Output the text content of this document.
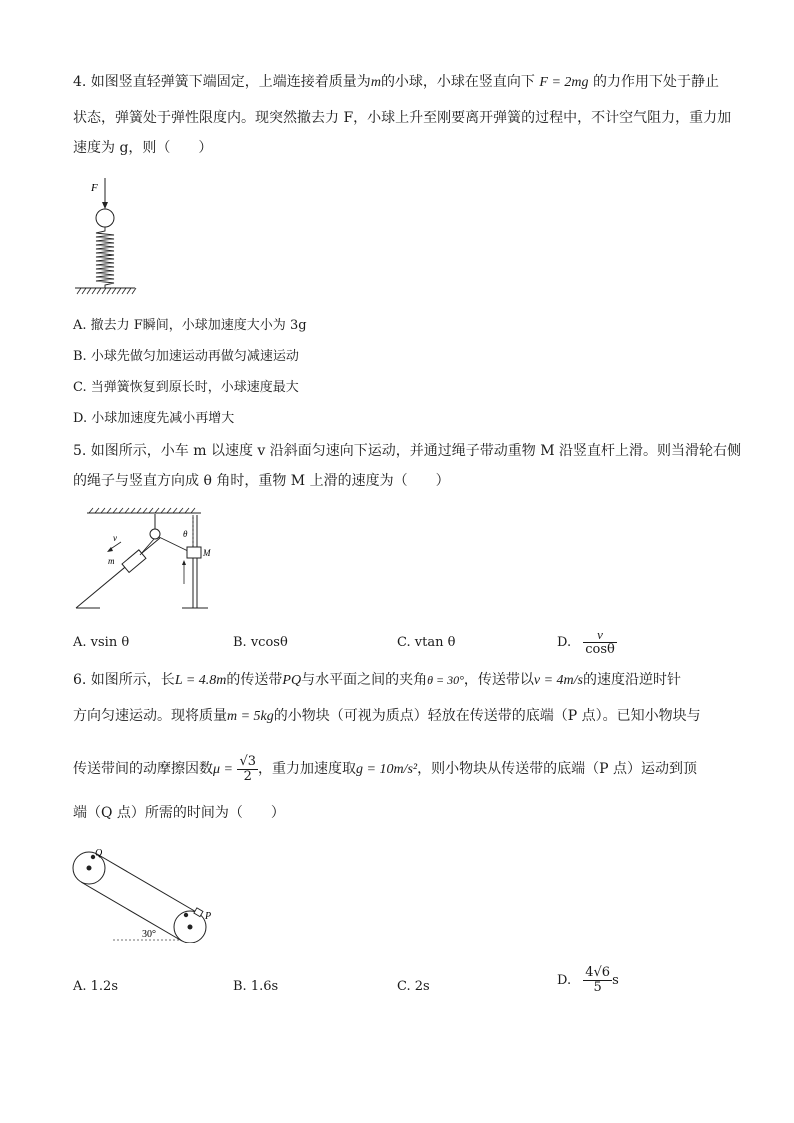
4. 如图竖直轻弹簧下端固定，上端连接着质量为m的小球，小球在竖直向下 F = 2mg 的力作用下处于静止
状态，弹簧处于弹性限度内。现突然撤去力 F，小球上升至刚要离开弹簧的过程中，不计空气阻力，重力加
速度为 g，则（　　）
F
A. 撤去力 F瞬间，小球加速度大小为 3g
B. 小球先做匀加速运动再做匀减速运动
C. 当弹簧恢复到原长时，小球速度最大
D. 小球加速度先减小再增大
5. 如图所示，小车 m 以速度 v 沿斜面匀速向下运动，并通过绳子带动重物 M 沿竖直杆上滑。则当滑轮右侧
的绳子与竖直方向成 θ 角时，重物 M 上滑的速度为（　　）
v
m
θ
M
A. vsin θ	B. vcosθ	C. vtan θ	D. $\frac{v}{\cos\theta}$
6. 如图所示，长L = 4.8m的传送带PQ与水平面之间的夹角θ = 30°，传送带以v = 4m/s的速度沿逆时针
方向匀速运动。现将质量m = 5kg的小物块（可视为质点）轻放在传送带的底端（P 点）。已知小物块与
传送带间的动摩擦因数$\mu = \frac{√3}{2}$ ，重力加速度取g = 10m/s²，则小物块从传送带的底端（P 点）运动到顶
端（Q 点）所需的时间为（　　）
Q
P
30°
A. 1.2s	B. 1.6s	C. 2s	D. $\frac{4√6}{5}$ s
